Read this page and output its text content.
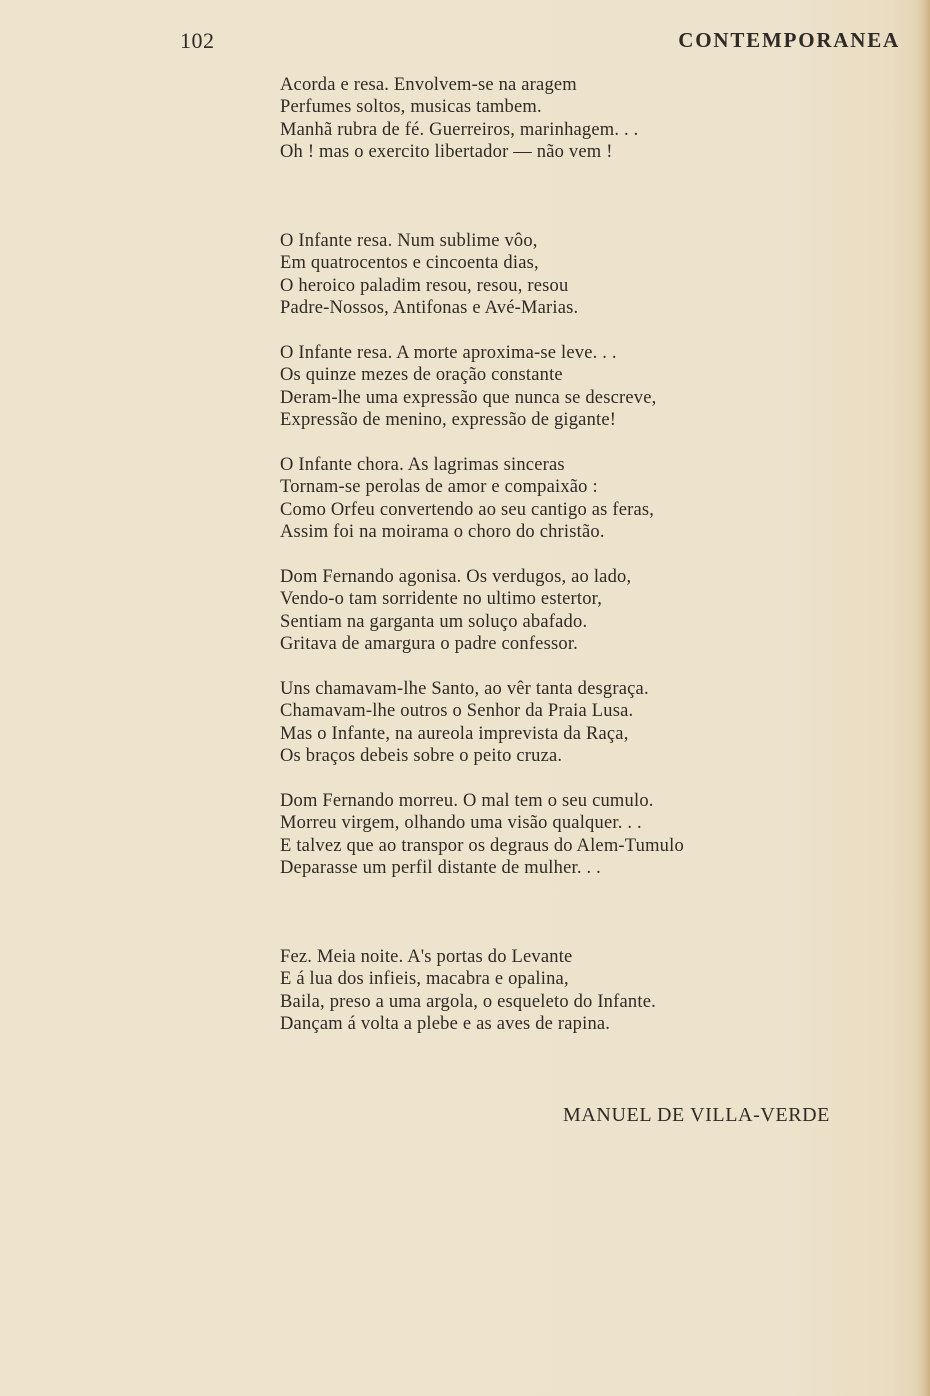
102	CONTEMPORANEA
Acorda e resa. Envolvem-se na aragem
Perfumes soltos, musicas tambem.
Manhã rubra de fé. Guerreiros, marinhagem. . .
Oh ! mas o exercito libertador — não vem !
O Infante resa. Num sublime vôo,
Em quatrocentos e cincoenta dias,
O heroico paladim resou, resou, resou
Padre-Nossos, Antifonas e Avé-Marias.
O Infante resa. A morte aproxima-se leve. . .
Os quinze mezes de oração constante
Deram-lhe uma expressão que nunca se descreve,
Expressão de menino, expressão de gigante!
O Infante chora. As lagrimas sinceras
Tornam-se perolas de amor e compaixão :
Como Orfeu convertendo ao seu cantigo as feras,
Assim foi na moirama o choro do christão.
Dom Fernando agonisa. Os verdugos, ao lado,
Vendo-o tam sorridente no ultimo estertor,
Sentiam na garganta um soluço abafado.
Gritava de amargura o padre confessor.
Uns chamavam-lhe Santo, ao vêr tanta desgraça.
Chamavam-lhe outros o Senhor da Praia Lusa.
Mas o Infante, na aureola imprevista da Raça,
Os braços debeis sobre o peito cruza.
Dom Fernando morreu. O mal tem o seu cumulo.
Morreu virgem, olhando uma visão qualquer. . .
E talvez que ao transpor os degraus do Alem-Tumulo
Deparasse um perfil distante de mulher. . .
Fez. Meia noite. A's portas do Levante
E á lua dos infieis, macabra e opalina,
Baila, preso a uma argola, o esqueleto do Infante.
Dançam á volta a plebe e as aves de rapina.
MANUEL DE VILLA-VERDE
